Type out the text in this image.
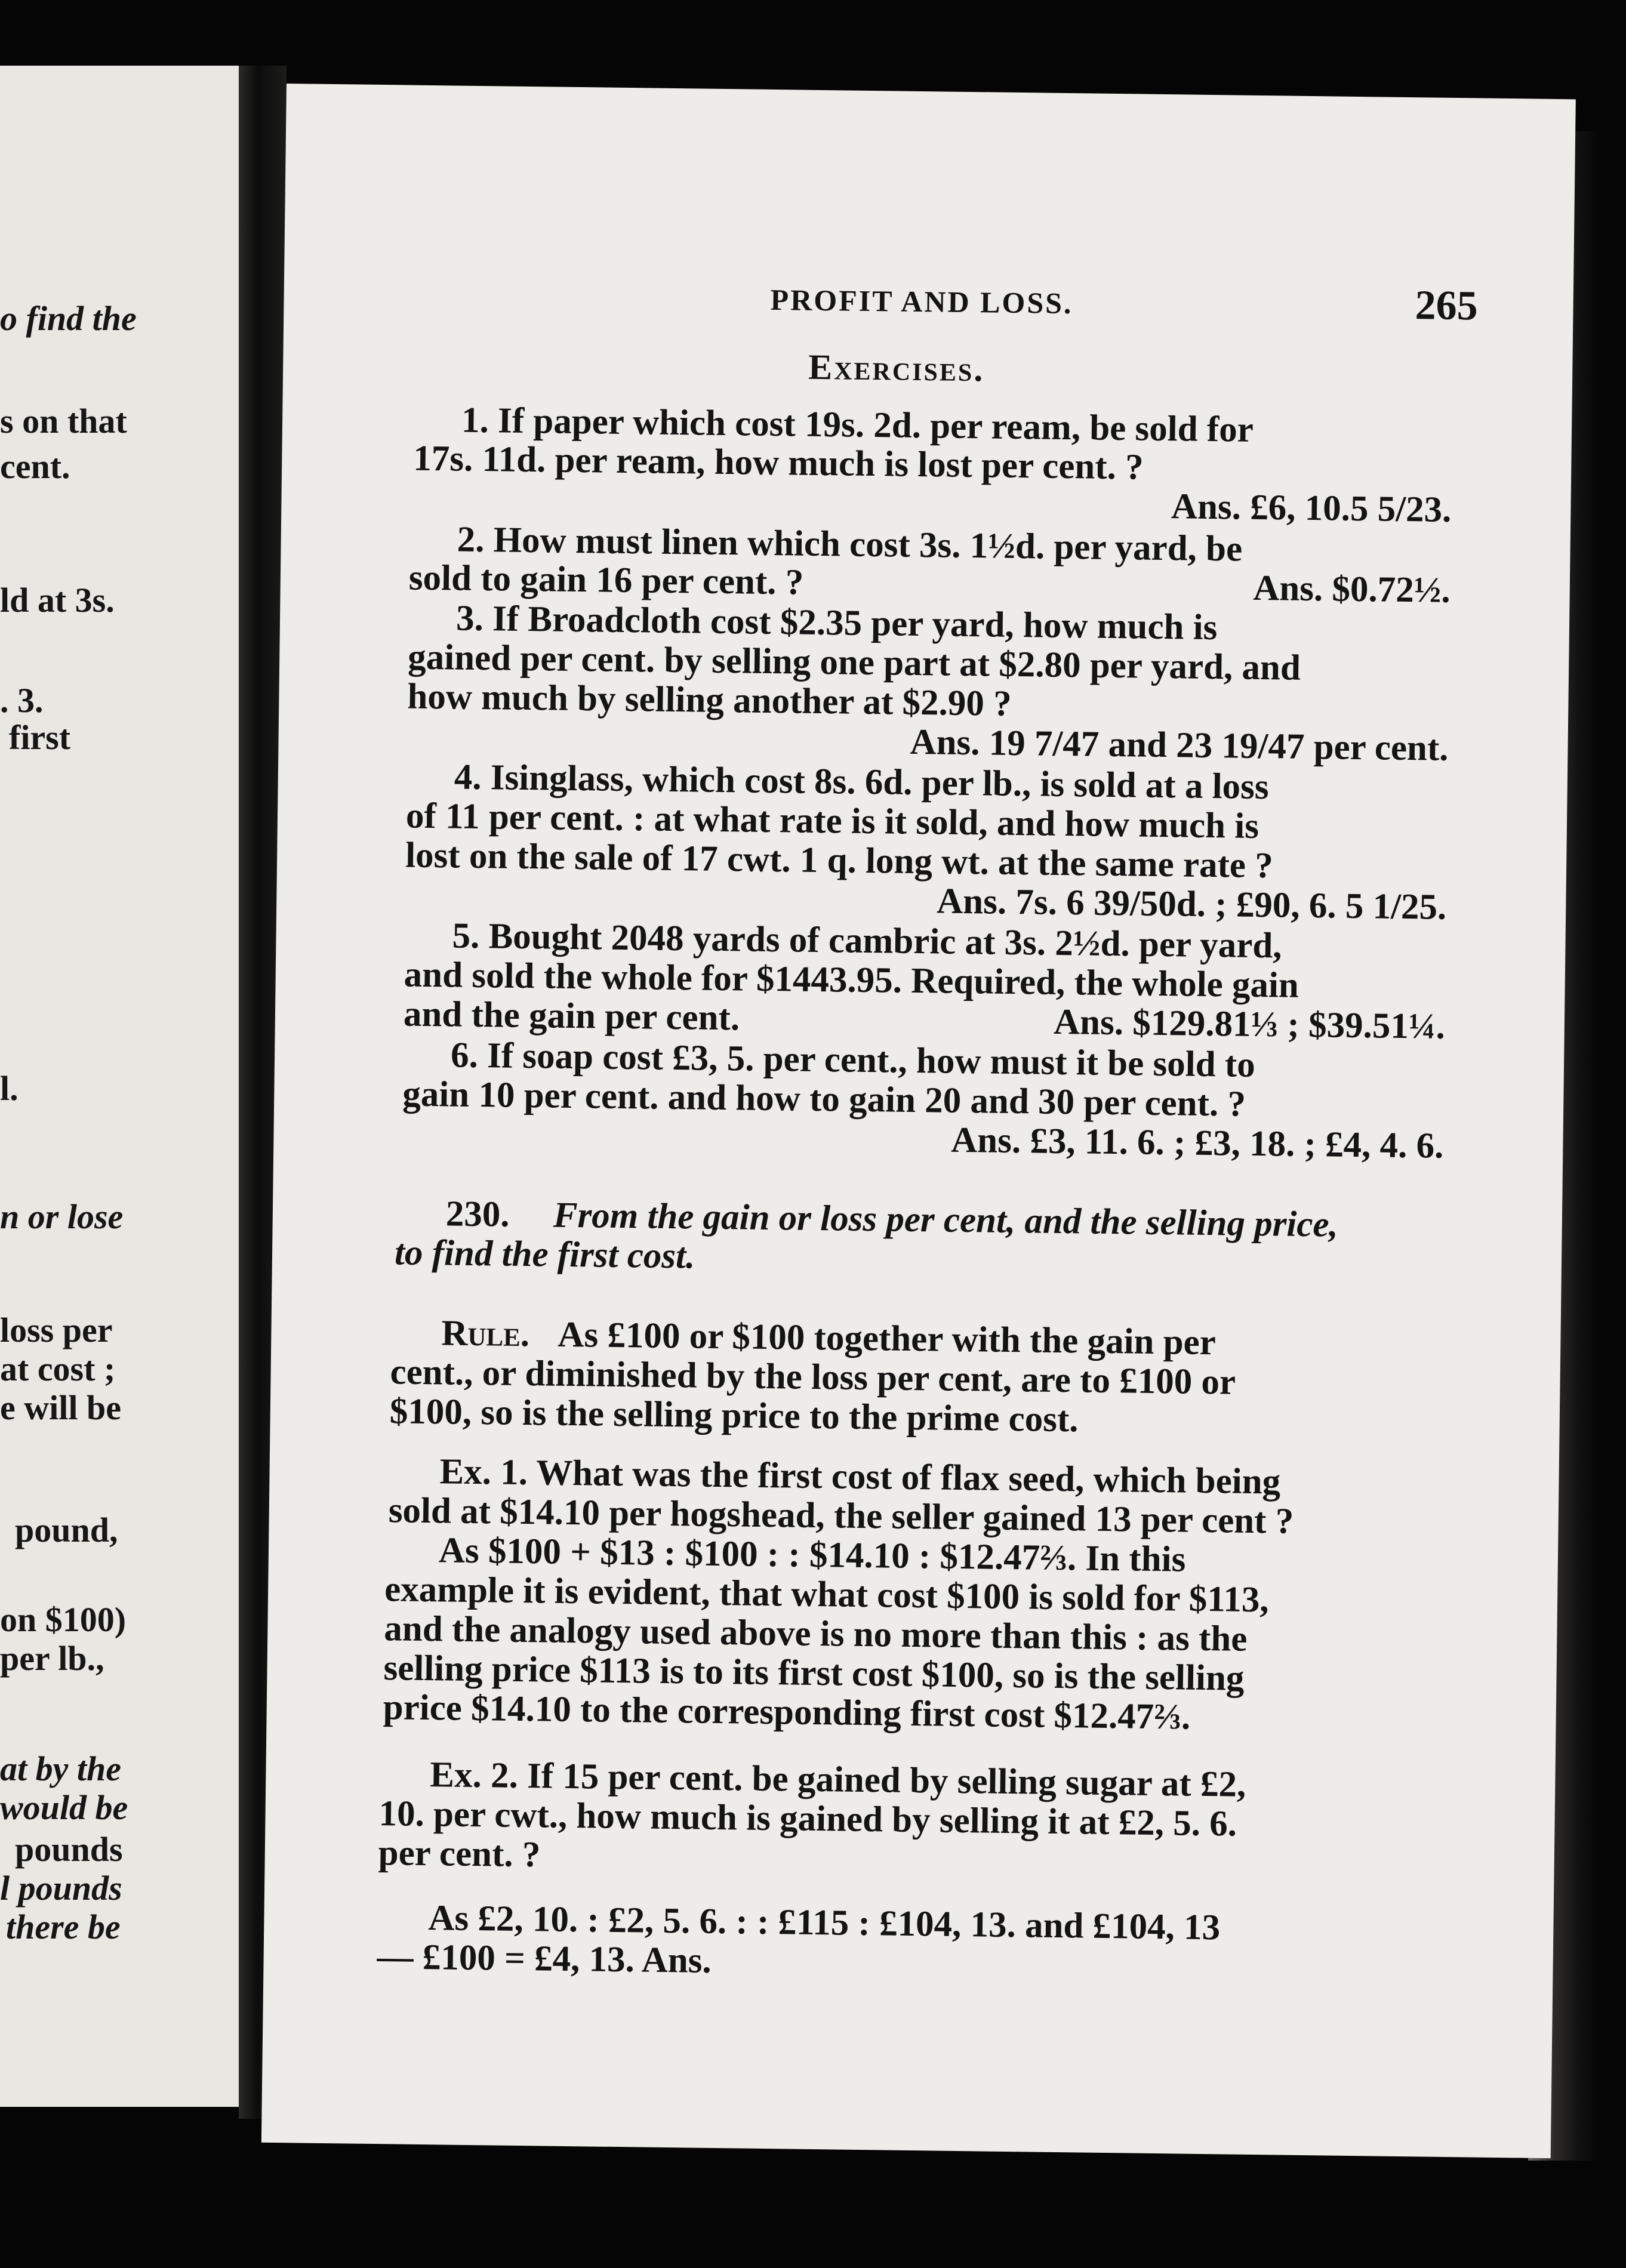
o find the
s on that
cent.
ld at 3s.
. 3.
first
l.
n or lose
loss per
at cost ;
e will be
pound,
on $100)
per lb.,
at by the
would be
pounds
l pounds
there be
PROFIT AND LOSS.	265
Exercises.
1. If paper which cost 19s. 2d. per ream, be sold for
17s. 11d. per ream, how much is lost per cent. ?
Ans. £6, 10.5 5/23.
2. How must linen which cost 3s. 1½d. per yard, be
sold to gain 16 per cent. ?	Ans. $0.72½.
3. If Broadcloth cost $2.35 per yard, how much is
gained per cent. by selling one part at $2.80 per yard, and
how much by selling another at $2.90 ?
Ans. 19 7/47 and 23 19/47 per cent.
4. Isinglass, which cost 8s. 6d. per lb., is sold at a loss
of 11 per cent. : at what rate is it sold, and how much is
lost on the sale of 17 cwt. 1 q. long wt. at the same rate ?
Ans. 7s. 6 39/50d. ; £90, 6. 5 1/25.
5. Bought 2048 yards of cambric at 3s. 2½d. per yard,
and sold the whole for $1443.95. Required, the whole gain
and the gain per cent.	Ans. $129.81⅓ ; $39.51¼.
6. If soap cost £3, 5. per cent., how must it be sold to
gain 10 per cent. and how to gain 20 and 30 per cent. ?
Ans. £3, 11. 6. ; £3, 18. ; £4, 4. 6.
230. From the gain or loss per cent, and the selling price,
to find the first cost.
Rule. As £100 or $100 together with the gain per
cent., or diminished by the loss per cent, are to £100 or
$100, so is the selling price to the prime cost.
Ex. 1. What was the first cost of flax seed, which being
sold at $14.10 per hogshead, the seller gained 13 per cent ?
As $100 + $13 : $100 : : $14.10 : $12.47⅔. In this
example it is evident, that what cost $100 is sold for $113,
and the analogy used above is no more than this : as the
selling price $113 is to its first cost $100, so is the selling
price $14.10 to the corresponding first cost $12.47⅔.
Ex. 2. If 15 per cent. be gained by selling sugar at £2,
10. per cwt., how much is gained by selling it at £2, 5. 6.
per cent. ?
As £2, 10. : £2, 5. 6. : : £115 : £104, 13. and £104, 13
— £100 = £4, 13. Ans.
